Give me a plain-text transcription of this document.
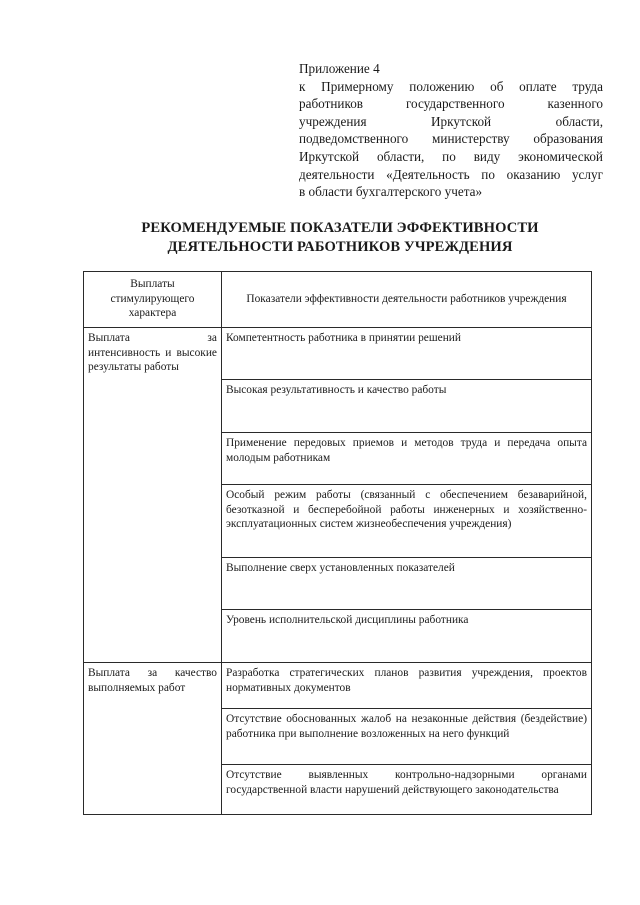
Приложение 4
к Примерному положению об оплате труда
работников государственного казенного
учреждения Иркутской области,
подведомственного министерству образования
Иркутской области, по виду экономической
деятельности «Деятельность по оказанию услуг
в области бухгалтерского учета»
РЕКОМЕНДУЕМЫЕ ПОКАЗАТЕЛИ ЭФФЕКТИВНОСТИ
ДЕЯТЕЛЬНОСТИ РАБОТНИКОВ УЧРЕЖДЕНИЯ
Выплаты стимулирующего характера	Показатели эффективности деятельности работников учреждения
Выплата за интенсивность и высокие результаты работы	Компетентность работника в принятии решений
	Высокая результативность и качество работы
	Применение передовых приемов и методов труда и передача опыта молодым работникам
	Особый режим работы (связанный с обеспечением безаварийной, безотказной и бесперебойной работы инженерных и хозяйственно-эксплуатационных систем жизнеобеспечения учреждения)
	Выполнение сверх установленных показателей
	Уровень исполнительской дисциплины работника
Выплата за качество выполняемых работ	Разработка стратегических планов развития учреждения, проектов нормативных документов
	Отсутствие обоснованных жалоб на незаконные действия (бездействие) работника при выполнение возложенных на него функций
	Отсутствие выявленных контрольно-надзорными органами государственной власти нарушений действующего законодательства
